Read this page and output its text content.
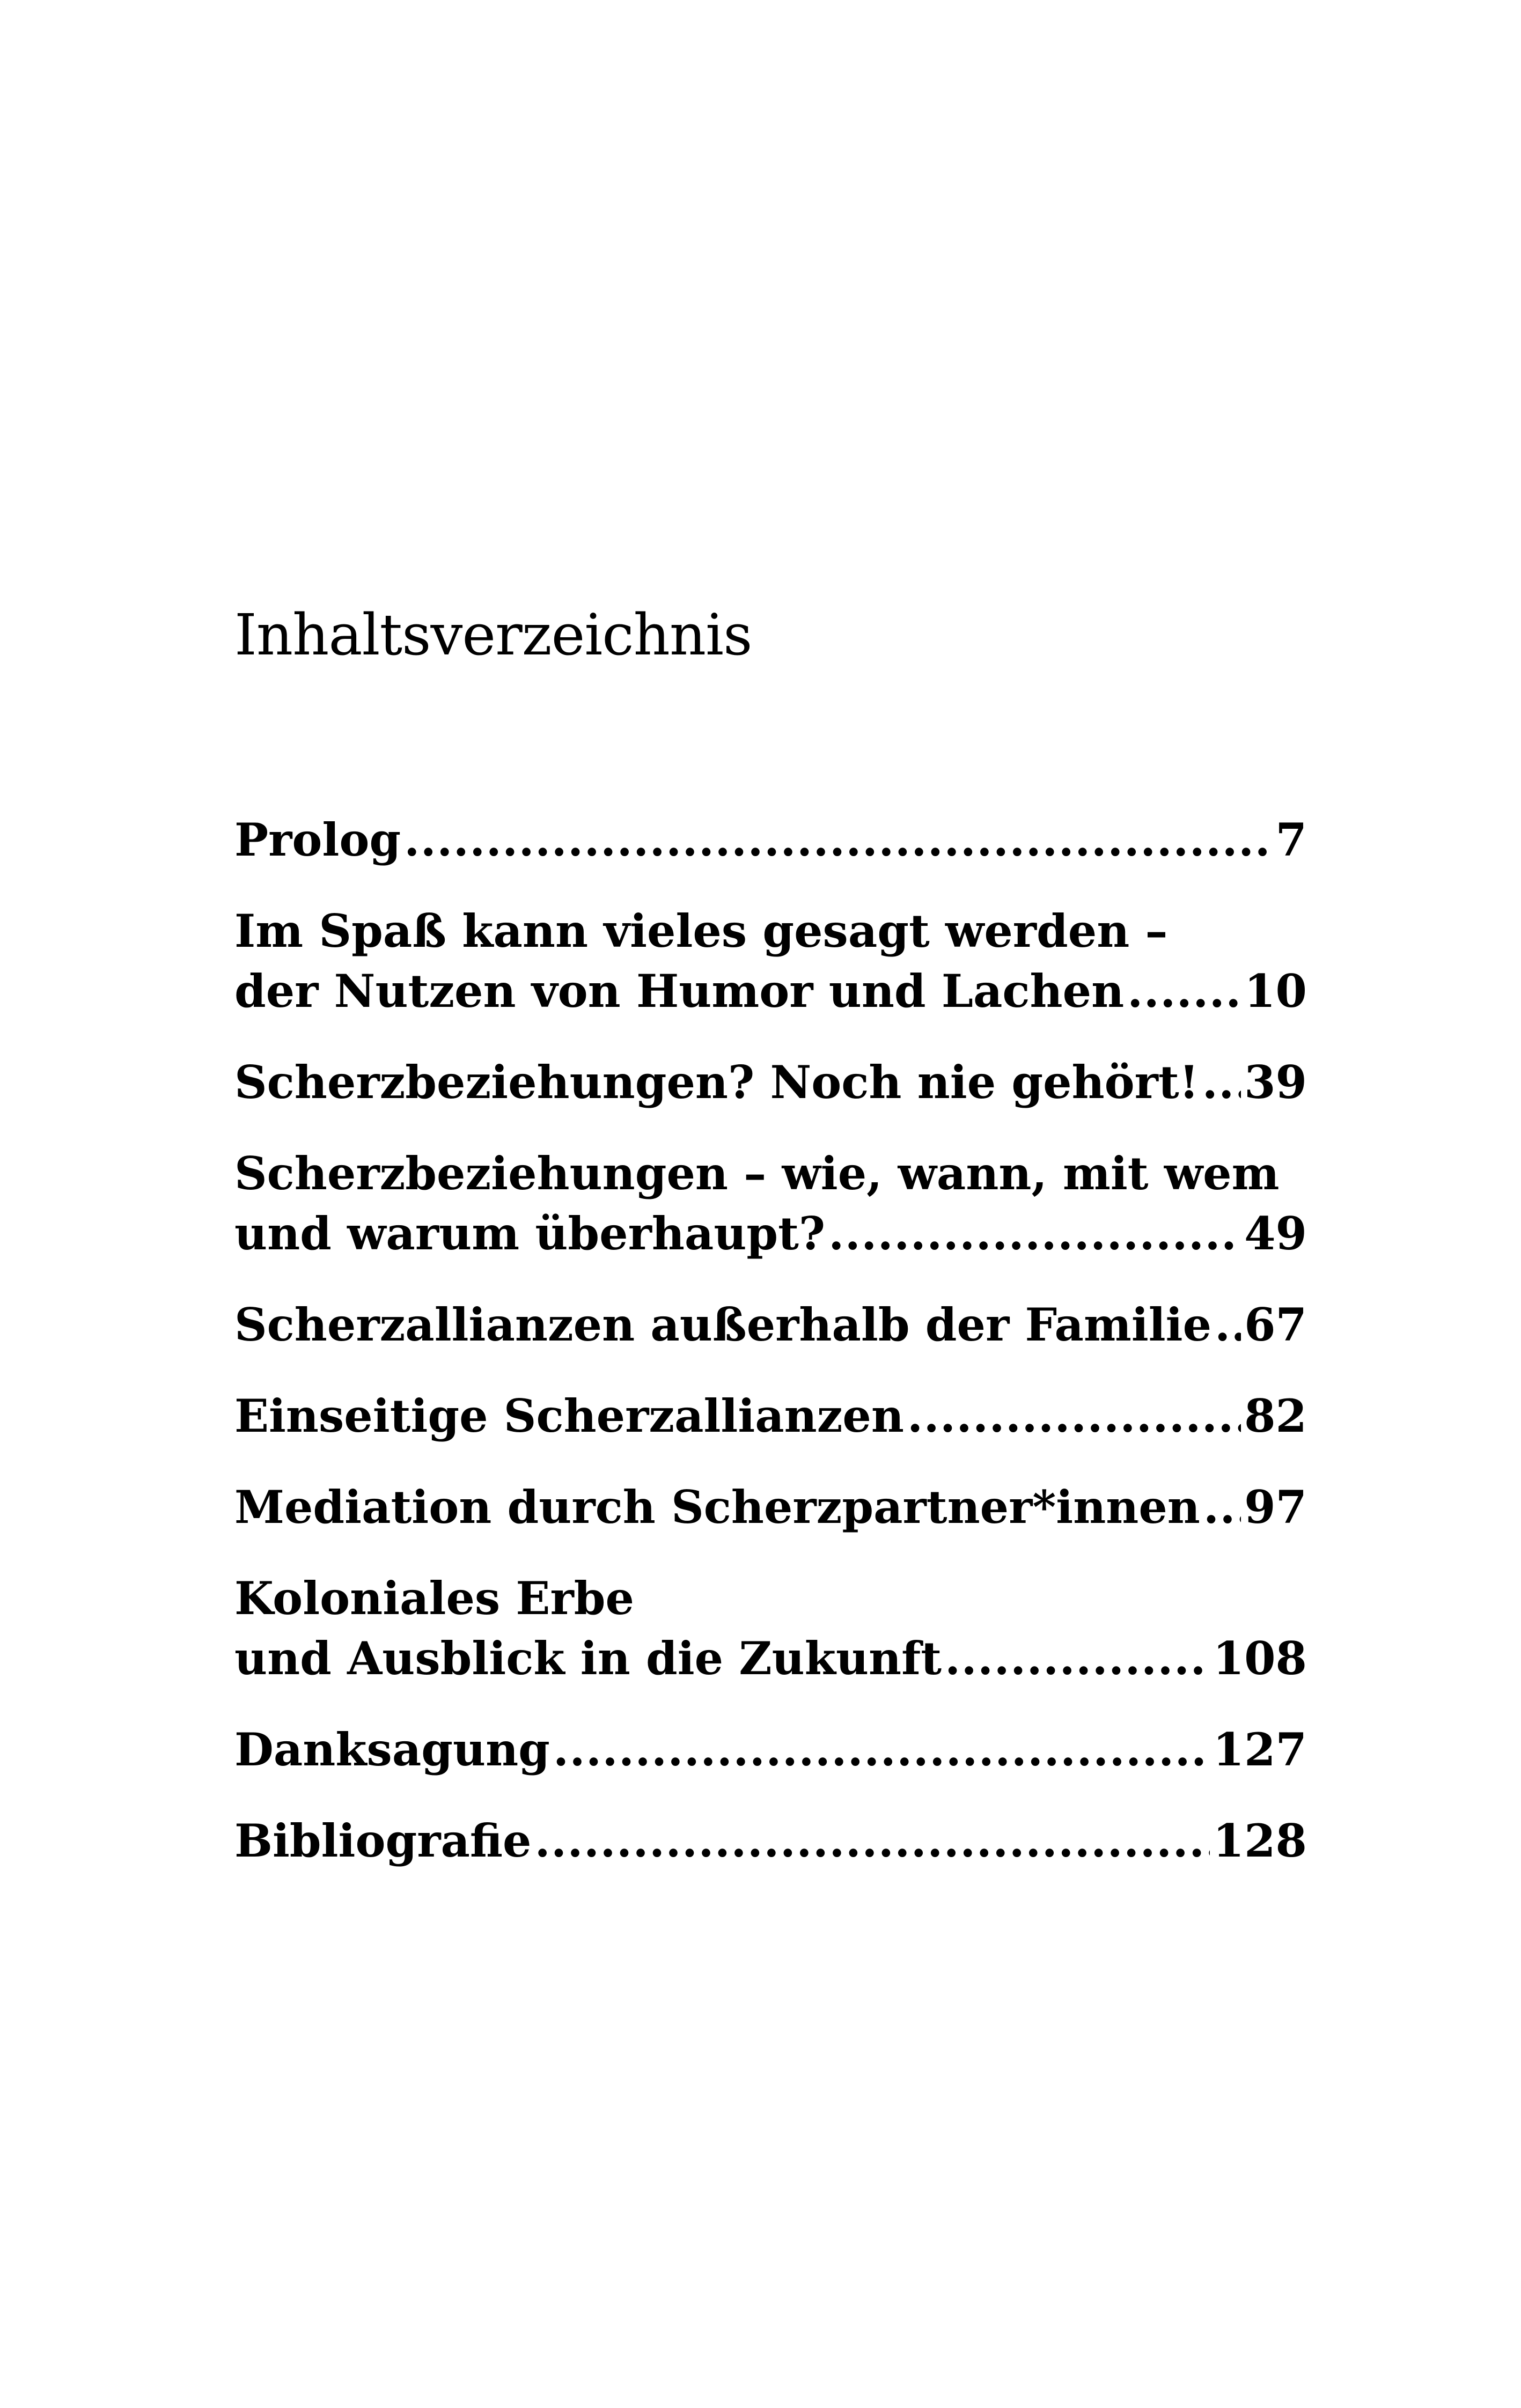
Inhaltsverzeichnis
Prolog . . .	7
Im Spaß kann vieles gesagt werden –
der Nutzen von Humor und Lachen . . .	10
Scherzbeziehungen? Noch nie gehört! . . . 39
Scherzbeziehungen – wie, wann, mit wem
und warum überhaupt? . . .	49
Scherzallianzen außerhalb der Familie . . . 67
Einseitige Scherzallianzen . . .	82
Mediation durch Scherzpartner*innen . . . 97
Koloniales Erbe
und Ausblick in die Zukunft . . .	108
Danksagung . . .	127
Bibliografie . . .	128
